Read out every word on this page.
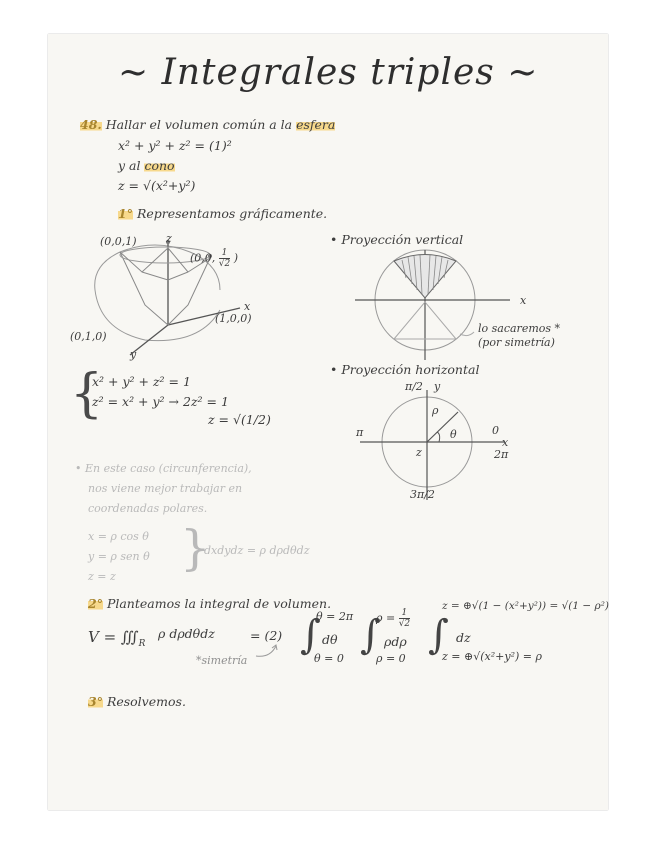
~ Integrales triples ~
48. Hallar el volumen común a la esfera
x² + y² + z² = (1)²
y al cono
z = √(x²+y²)
1° Representamos gráficamente.
(0,0,1)	z
(0,0, $\frac{1}{√2}$ )
x
(1,0,0)
(0,1,0)
y
• Proyección vertical
x
lo sacaremos *
(por simetría)
• Proyección horizontal
π/2 y
π	0
x
2π
3π/2
ρ
θ
z
{
x² + y² + z² = 1
z² = x² + y² → 2z² = 1
z = √(1/2)
• En este caso (circunferencia),
nos viene mejor trabajar en
coordenadas polares.
x = ρ cos θ
y = ρ sen θ
z = z
}
dxdydz = ρ dρdθdz
2° Planteamos la integral de volumen.
$V = ∭_R$
ρ dρdθdz	= (2) ∫
θ = 2π
dθ
θ = 0
∫
$\rho = \frac{1}{√2}$
ρdρ
ρ = 0
∫
z = ⊕√(1 − (x²+y²)) = √(1 − ρ²)
dz
z = ⊕√(x²+y²) = ρ
*simetría
3° Resolvemos.
